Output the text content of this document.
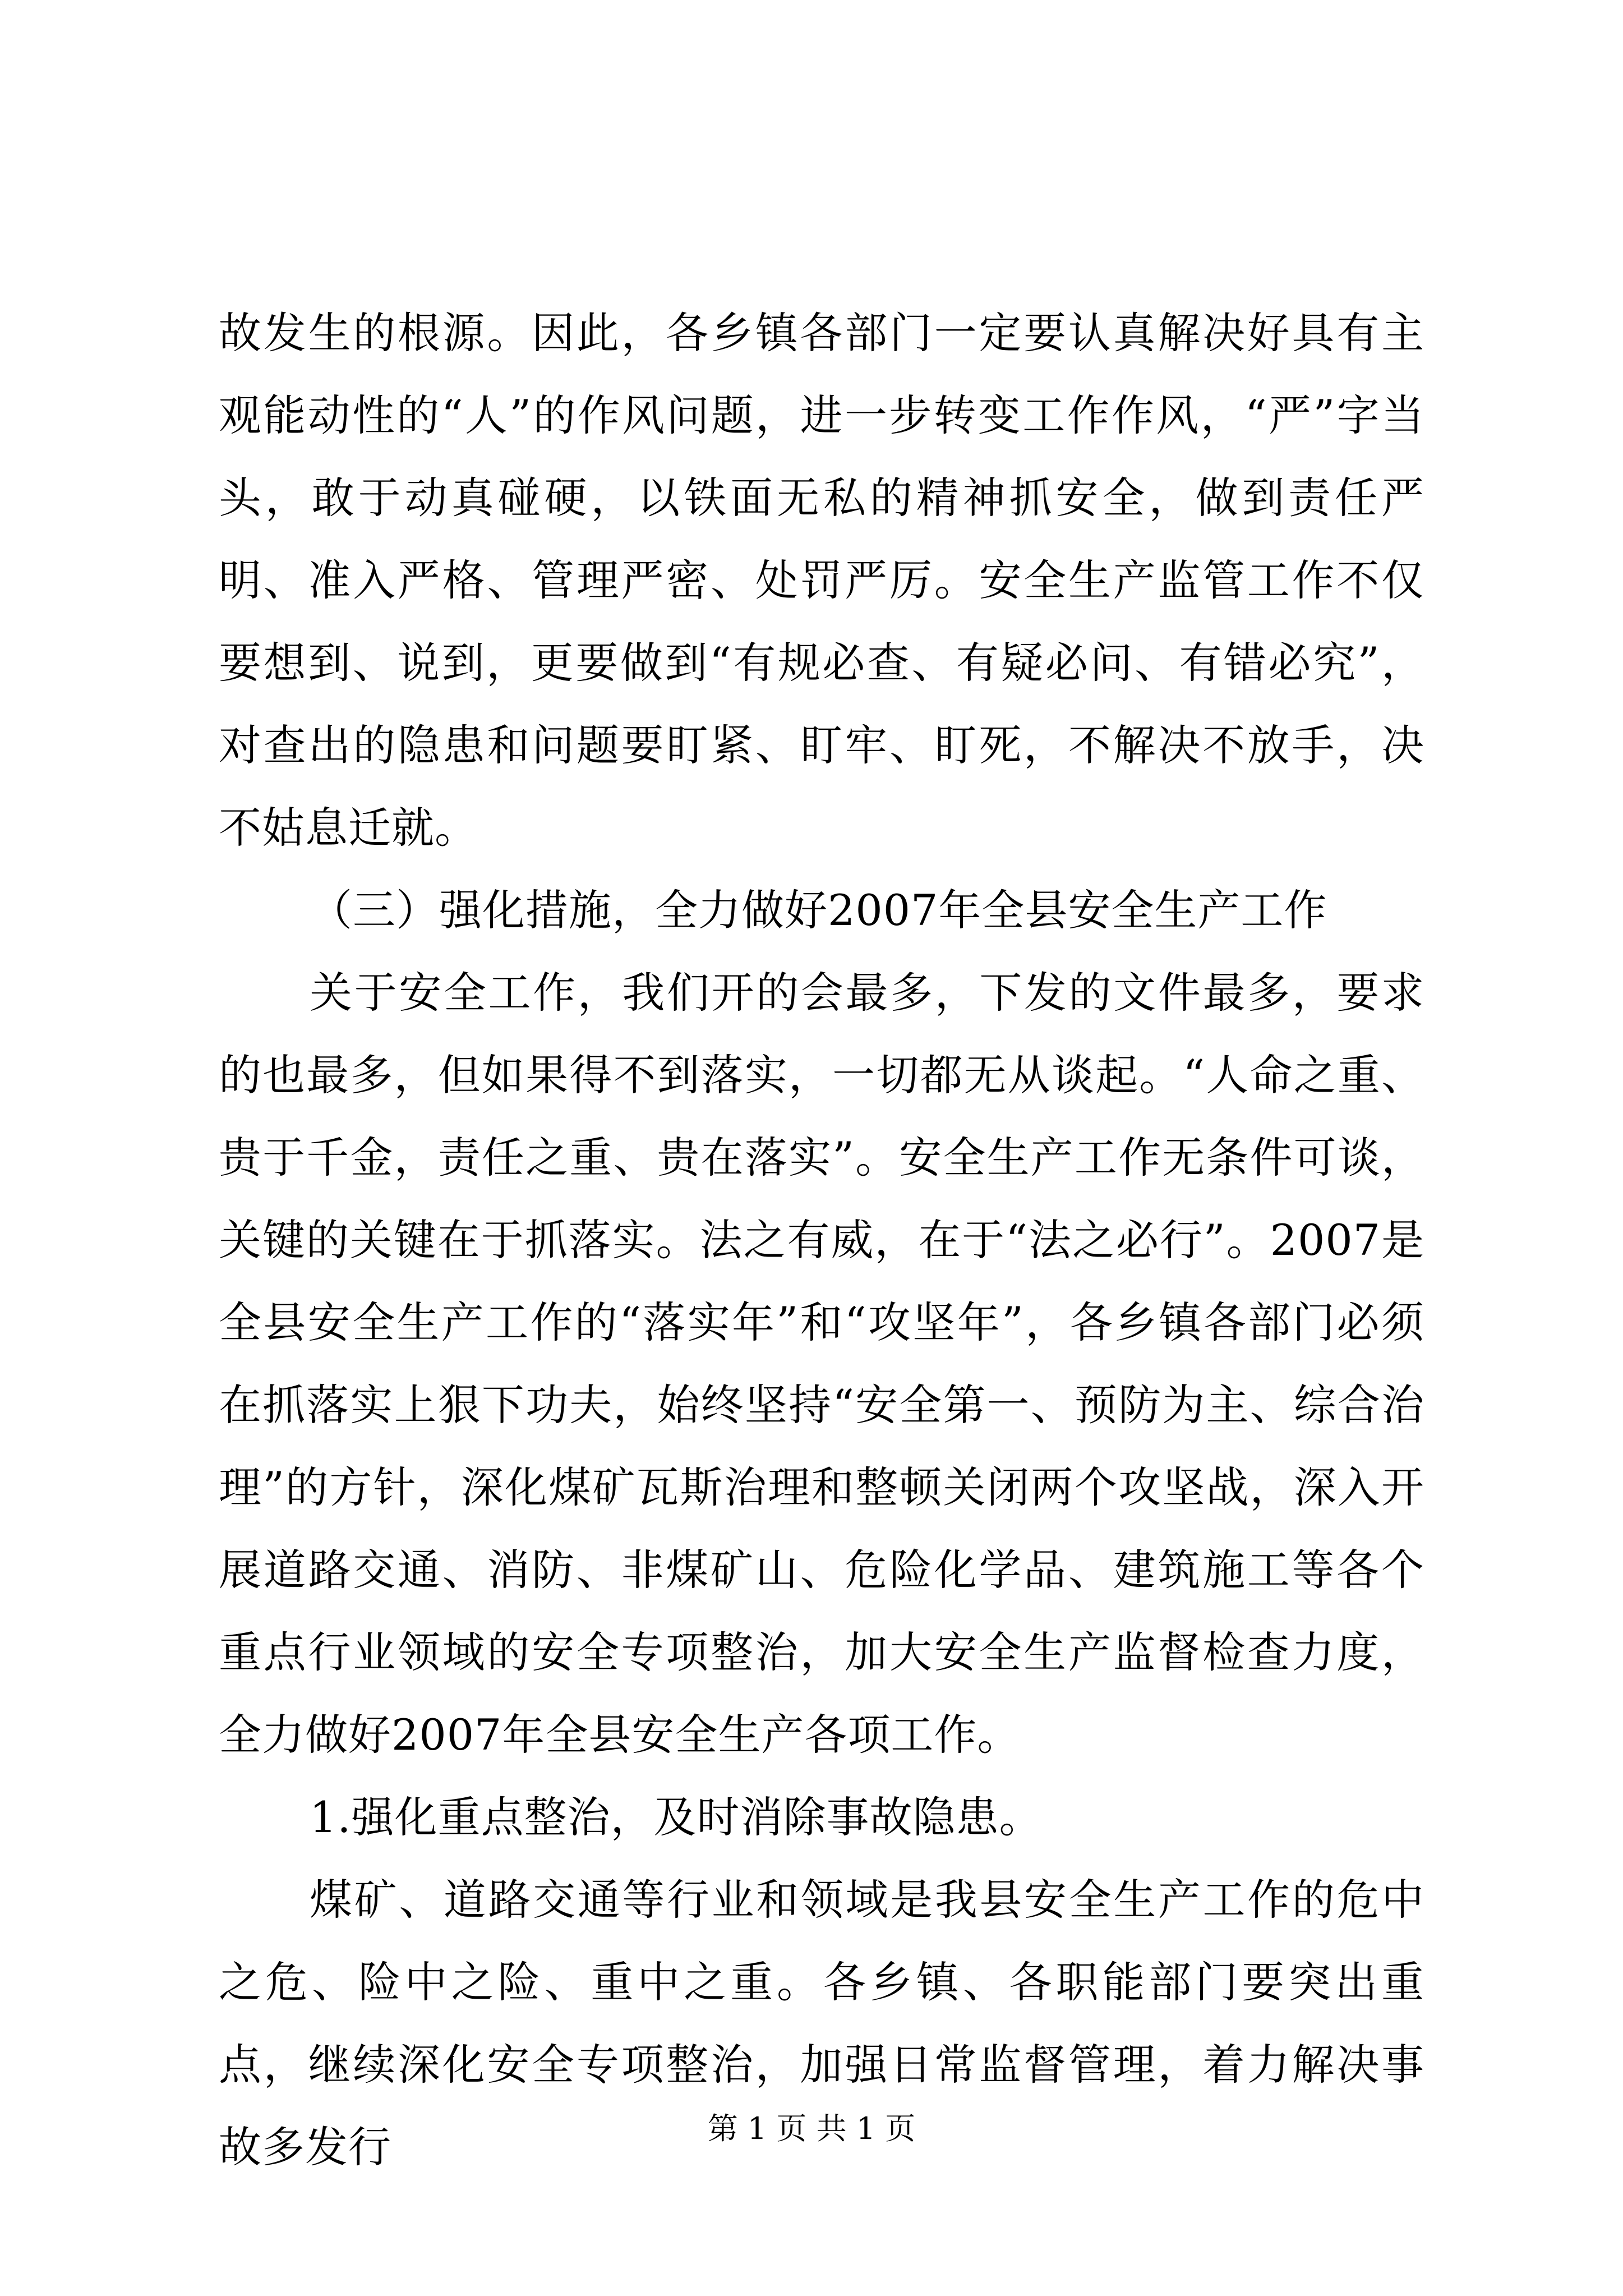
故发生的根源。因此，各乡镇各部门一定要认真解决好具有主观能动性的“人”的作风问题，进一步转变工作作风，“严”字当头，敢于动真碰硬，以铁面无私的精神抓安全，做到责任严明、准入严格、管理严密、处罚严厉。安全生产监管工作不仅要想到、说到，更要做到“有规必查、有疑必问、有错必究”，对查出的隐患和问题要盯紧、盯牢、盯死，不解决不放手，决不姑息迁就。

（三）强化措施，全力做好2007年全县安全生产工作

关于安全工作，我们开的会最多，下发的文件最多，要求的也最多，但如果得不到落实，一切都无从谈起。“人命之重、贵于千金，责任之重、贵在落实”。安全生产工作无条件可谈，关键的关键在于抓落实。法之有威，在于“法之必行”。2007是全县安全生产工作的“落实年”和“攻坚年”，各乡镇各部门必须在抓落实上狠下功夫，始终坚持“安全第一、预防为主、综合治理”的方针，深化煤矿瓦斯治理和整顿关闭两个攻坚战，深入开展道路交通、消防、非煤矿山、危险化学品、建筑施工等各个重点行业领域的安全专项整治，加大安全生产监督检查力度，全力做好2007年全县安全生产各项工作。

1.强化重点整治，及时消除事故隐患。

煤矿、道路交通等行业和领域是我县安全生产工作的危中之危、险中之险、重中之重。各乡镇、各职能部门要突出重点，继续深化安全专项整治，加强日常监督管理，着力解决事故多发行	第 1 页 共 1 页
